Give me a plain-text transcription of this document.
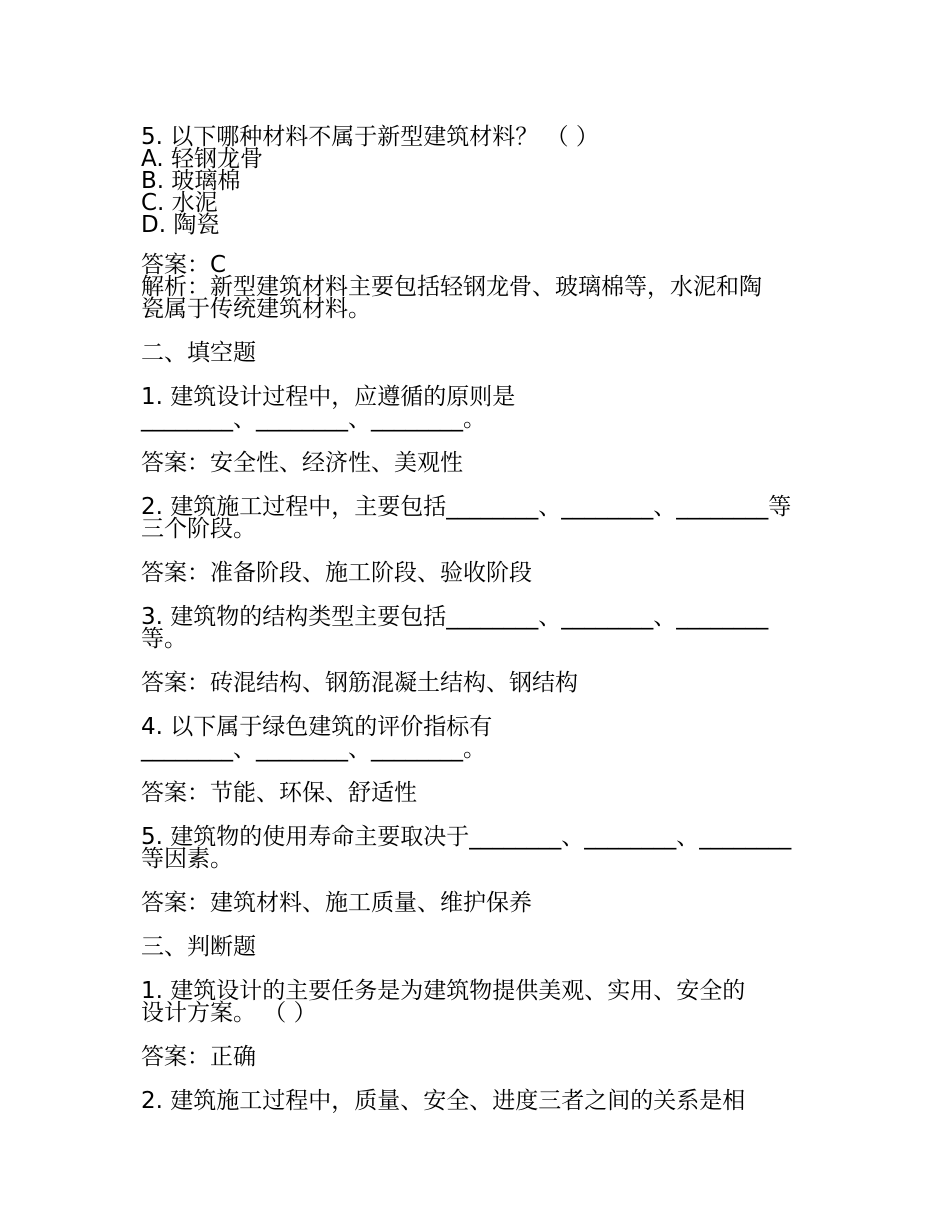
5. 以下哪种材料不属于新型建筑材料？ （ ）
A. 轻钢龙骨
B. 玻璃棉
C. 水泥
D. 陶瓷
答案：C
解析：新型建筑材料主要包括轻钢龙骨、玻璃棉等，水泥和陶
瓷属于传统建筑材料。
二、填空题
1. 建筑设计过程中，应遵循的原则是
________、________、________。
答案：安全性、经济性、美观性
2. 建筑施工过程中，主要包括________、________、________等
三个阶段。
答案：准备阶段、施工阶段、验收阶段
3. 建筑物的结构类型主要包括________、________、________
等。
答案：砖混结构、钢筋混凝土结构、钢结构
4. 以下属于绿色建筑的评价指标有
________、________、________。
答案：节能、环保、舒适性
5. 建筑物的使用寿命主要取决于________、________、________
等因素。
答案：建筑材料、施工质量、维护保养
三、判断题
1. 建筑设计的主要任务是为建筑物提供美观、实用、安全的
设计方案。 （ ）
答案：正确
2. 建筑施工过程中，质量、安全、进度三者之间的关系是相
